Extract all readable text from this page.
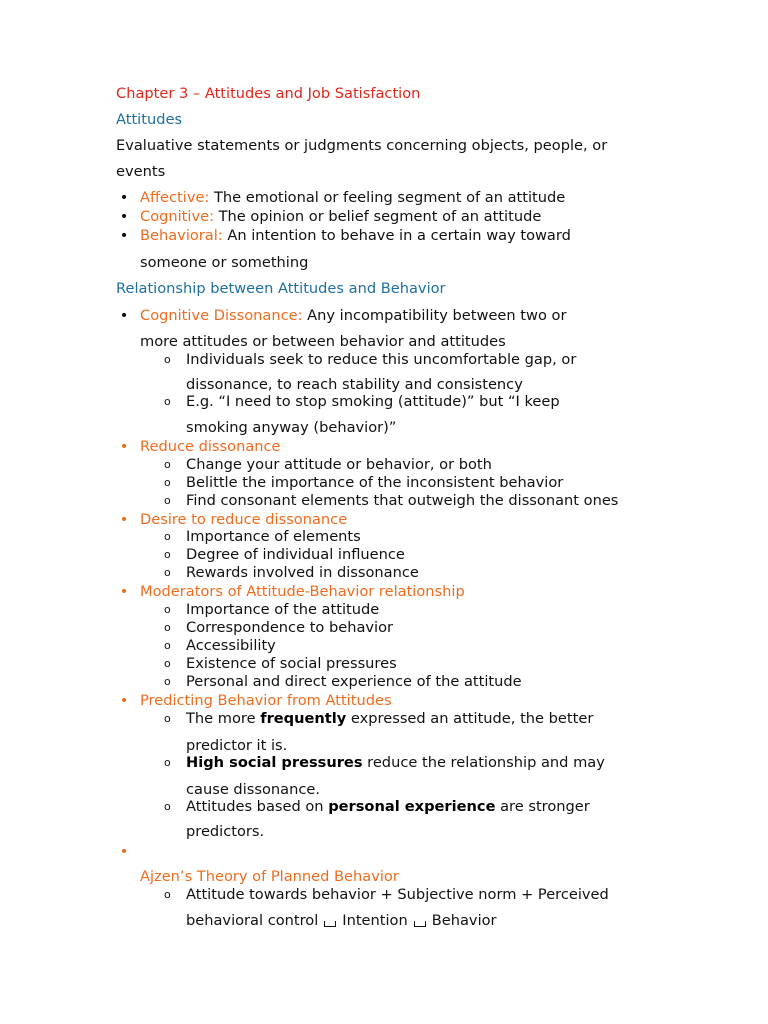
Chapter 3 – Attitudes and Job Satisfaction
Attitudes
Evaluative statements or judgments concerning objects, people, or
events
• Affective: The emotional or feeling segment of an attitude
• Cognitive: The opinion or belief segment of an attitude
• Behavioral: An intention to behave in a certain way toward
someone or something
Relationship between Attitudes and Behavior
• Cognitive Dissonance: Any incompatibility between two or
more attitudes or between behavior and attitudes
o Individuals seek to reduce this uncomfortable gap, or
dissonance, to reach stability and consistency
o E.g. “I need to stop smoking (attitude)” but “I keep
smoking anyway (behavior)”
• Reduce dissonance
o Change your attitude or behavior, or both
o Belittle the importance of the inconsistent behavior
o Find consonant elements that outweigh the dissonant ones
• Desire to reduce dissonance
o Importance of elements
o Degree of individual influence
o Rewards involved in dissonance
• Moderators of Attitude-Behavior relationship
o Importance of the attitude
o Correspondence to behavior
o Accessibility
o Existence of social pressures
o Personal and direct experience of the attitude
• Predicting Behavior from Attitudes
o The more frequently expressed an attitude, the better
predictor it is.
o High social pressures reduce the relationship and may
cause dissonance.
o Attitudes based on personal experience are stronger
predictors.
•
Ajzen’s Theory of Planned Behavior
o Attitude towards behavior + Subjective norm + Perceived
behavioral control Intention Behavior
